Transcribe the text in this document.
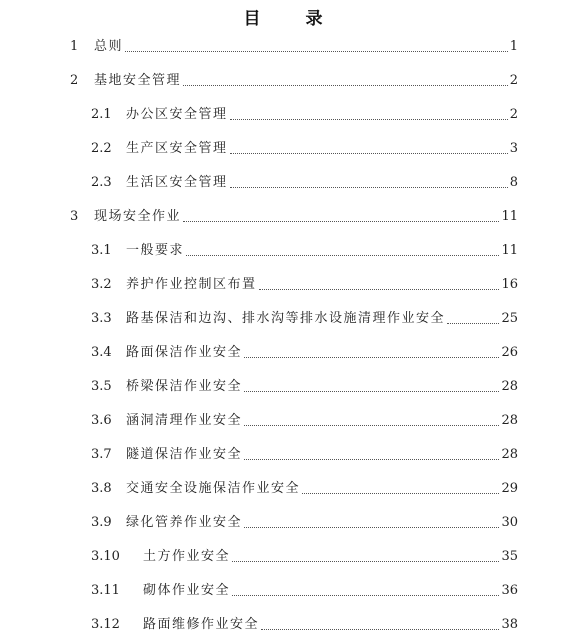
目　录
1 总则	1
2 基地安全管理	2
2.1 办公区安全管理	2
2.2 生产区安全管理	3
2.3 生活区安全管理	8
3 现场安全作业	11
3.1 一般要求	11
3.2 养护作业控制区布置	16
3.3 路基保洁和边沟、排水沟等排水设施清理作业安全	25
3.4 路面保洁作业安全	26
3.5 桥梁保洁作业安全	28
3.6 涵洞清理作业安全	28
3.7 隧道保洁作业安全	28
3.8 交通安全设施保洁作业安全	29
3.9 绿化管养作业安全	30
3.10 土方作业安全	35
3.11 砌体作业安全	36
3.12 路面维修作业安全	38
